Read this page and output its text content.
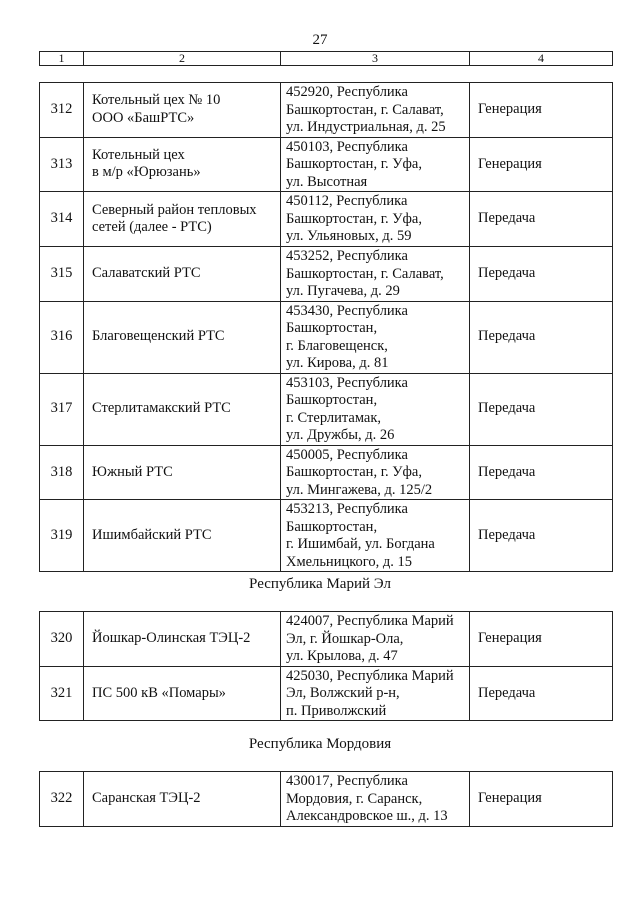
27
1	2	3	4
312	Котельный цех № 10
ООО «БашРТС»	452920, Республика
Башкортостан, г. Салават,
ул. Индустриальная, д. 25	Генерация
313	Котельный цех
в м/р «Юрюзань»	450103, Республика
Башкортостан, г. Уфа,
ул. Высотная	Генерация
314	Северный район тепловых
сетей (далее - РТС)	450112, Республика
Башкортостан, г. Уфа,
ул. Ульяновых, д. 59	Передача
315	Салаватский РТС	453252, Республика
Башкортостан, г. Салават,
ул. Пугачева, д. 29	Передача
316	Благовещенский РТС	453430, Республика
Башкортостан,
г. Благовещенск,
ул. Кирова, д. 81	Передача
317	Стерлитамакский РТС	453103, Республика
Башкортостан,
г. Стерлитамак,
ул. Дружбы, д. 26	Передача
318	Южный РТС	450005, Республика
Башкортостан, г. Уфа,
ул. Мингажева, д. 125/2	Передача
319	Ишимбайский РТС	453213, Республика
Башкортостан,
г. Ишимбай, ул. Богдана
Хмельницкого, д. 15	Передача
Республика Марий Эл
320	Йошкар-Олинская ТЭЦ-2	424007, Республика Марий
Эл, г. Йошкар-Ола,
ул. Крылова, д. 47	Генерация
321	ПС 500 кВ «Помары»	425030, Республика Марий
Эл, Волжский р-н,
п. Приволжский	Передача
Республика Мордовия
322	Саранская ТЭЦ-2

430017, Республика
Мордовия, г. Саранск,
Александровское ш., д. 13
	Генерация
